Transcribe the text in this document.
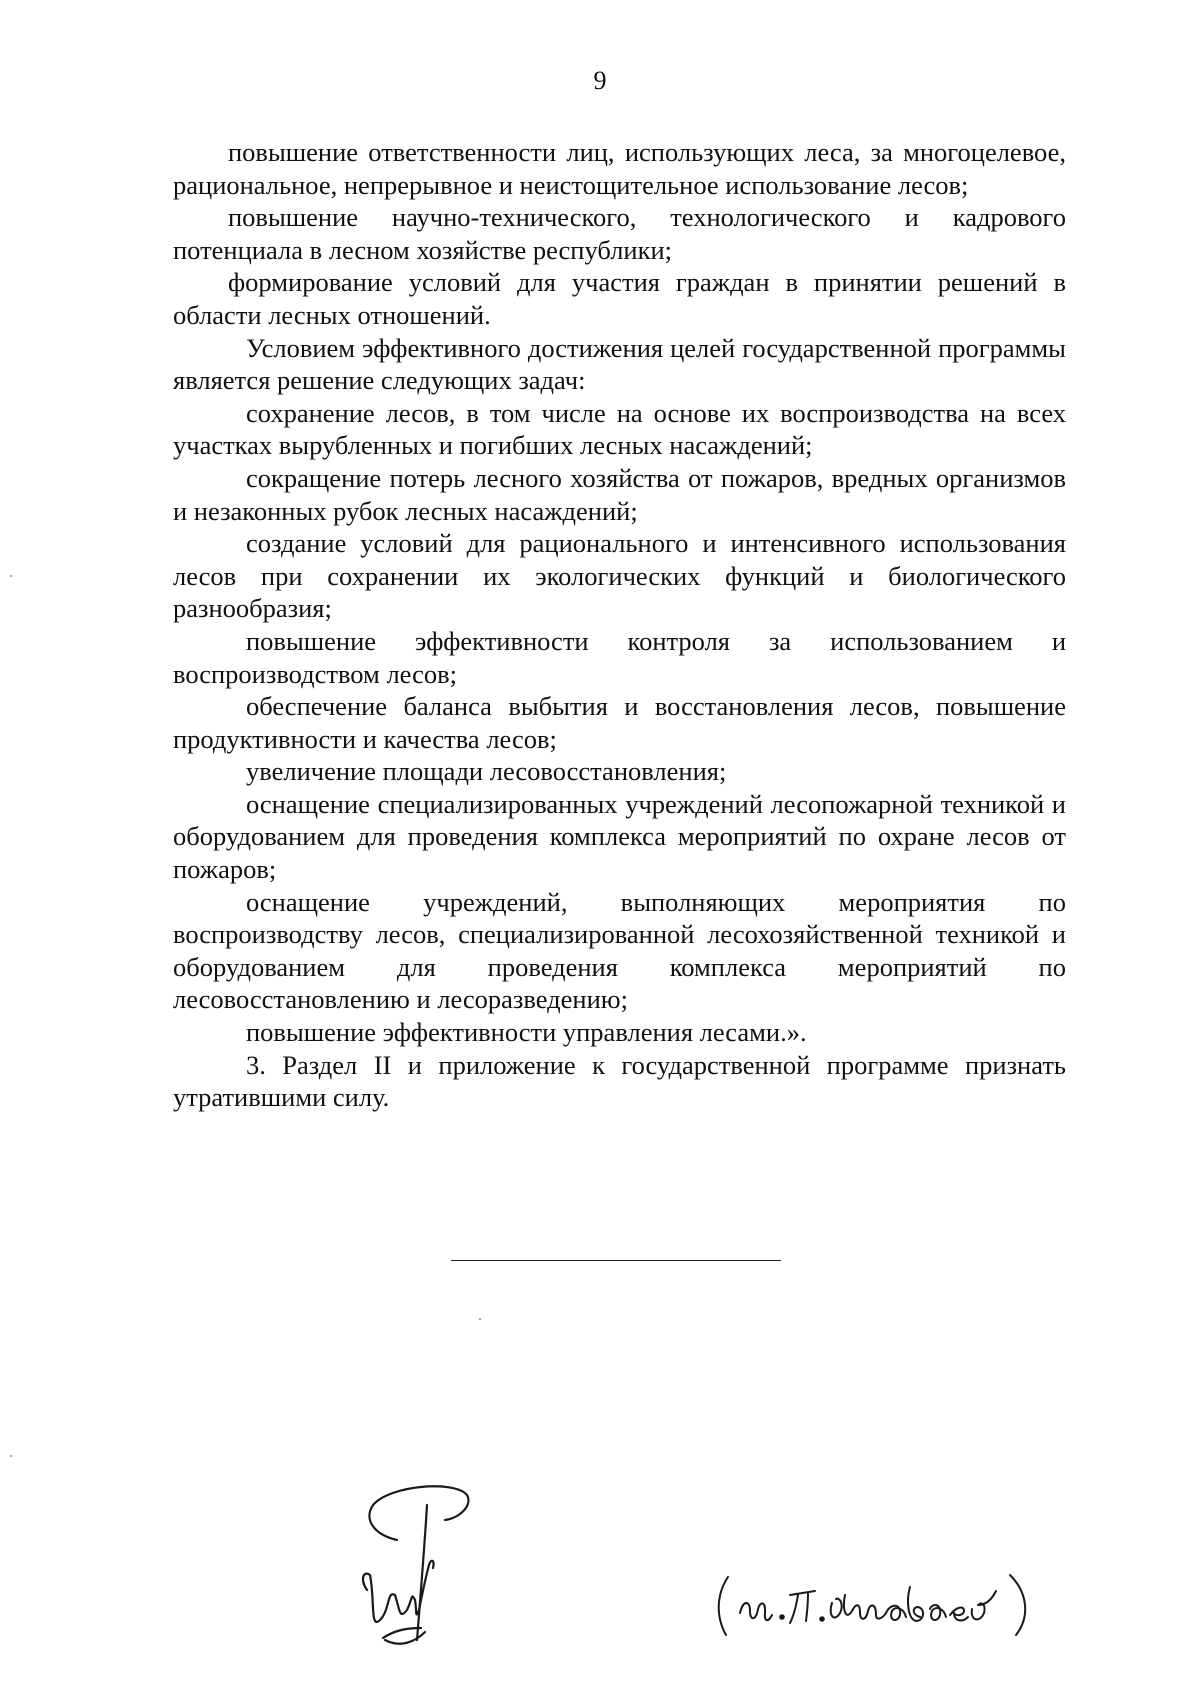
9

повышение ответственности лиц, использующих леса, за многоцелевое, рациональное, непрерывное и неистощительное использование лесов;

повышение научно-технического, технологического и кадрового потенциала в лесном хозяйстве республики;

формирование условий для участия граждан в принятии решений в области лесных отношений.

Условием эффективного достижения целей государственной программы является решение следующих задач:

сохранение лесов, в том числе на основе их воспроизводства на всех участках вырубленных и погибших лесных насаждений;

сокращение потерь лесного хозяйства от пожаров, вредных организмов и незаконных рубок лесных насаждений;

создание условий для рационального и интенсивного использования лесов при сохранении их экологических функций и биологического разнообразия;

повышение эффективности контроля за использованием и воспроизводством лесов;

обеспечение баланса выбытия и восстановления лесов, повышение продуктивности и качества лесов;

увеличение площади лесовосстановления;

оснащение специализированных учреждений лесопожарной техникой и оборудованием для проведения комплекса мероприятий по охране лесов от пожаров;

оснащение учреждений, выполняющих мероприятия по воспроизводству лесов, специализированной лесохозяйственной техникой и оборудованием для проведения комплекса мероприятий по лесовосстановлению и лесоразведению;

повышение эффективности управления лесами.».

3. Раздел II и приложение к государственной программе признать утратившими силу.
